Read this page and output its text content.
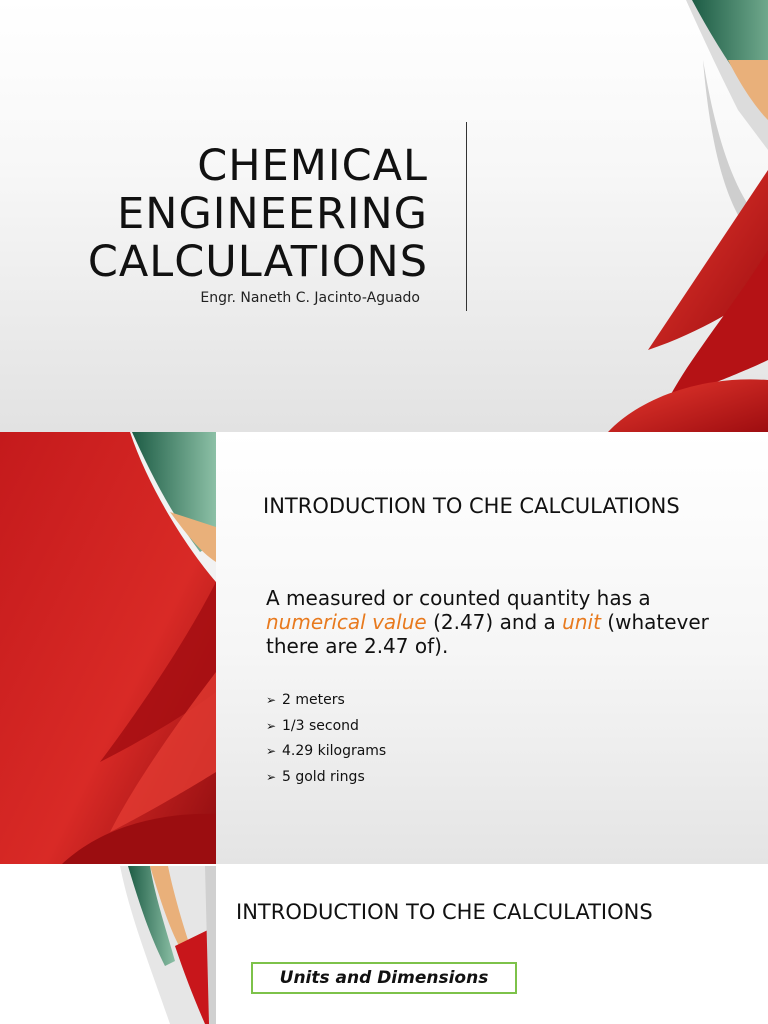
CHEMICAL
ENGINEERING
CALCULATIONS
Engr. Naneth C. Jacinto-Aguado
INTRODUCTION TO CHE CALCULATIONS
A measured or counted quantity has a numerical value (2.47) and a unit (whatever there are 2.47 of).
➢ 2 meters
➢ 1/3 second
➢ 4.29 kilograms
➢ 5 gold rings
INTRODUCTION TO CHE CALCULATIONS
Units and Dimensions
